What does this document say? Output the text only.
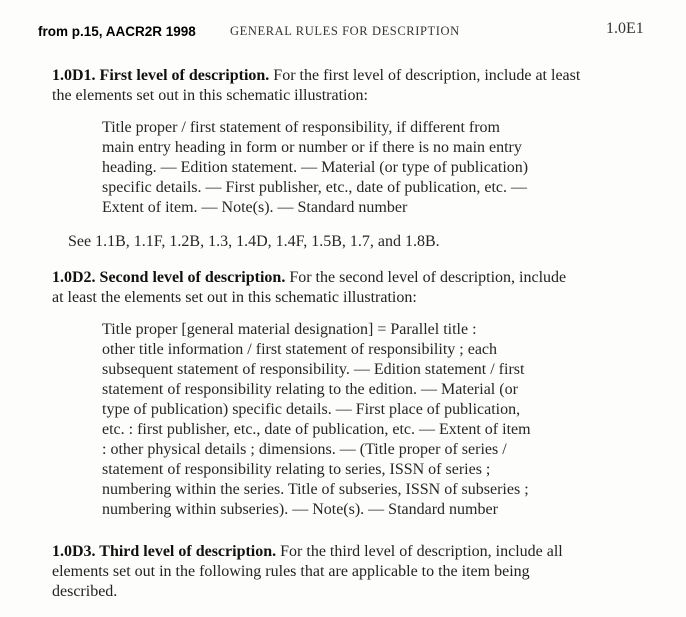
from p.15, AACR2R 1998	GENERAL RULES FOR DESCRIPTION	1.0E1
1.0D1. First level of description. For the first level of description, include at least
the elements set out in this schematic illustration:
Title proper / first statement of responsibility, if different from
main entry heading in form or number or if there is no main entry
heading. — Edition statement. — Material (or type of publication)
specific details. — First publisher, etc., date of publication, etc. —
Extent of item. — Note(s). — Standard number
See 1.1B, 1.1F, 1.2B, 1.3, 1.4D, 1.4F, 1.5B, 1.7, and 1.8B.
1.0D2. Second level of description. For the second level of description, include
at least the elements set out in this schematic illustration:
Title proper [general material designation] = Parallel title :
other title information / first statement of responsibility ; each
subsequent statement of responsibility. — Edition statement / first
statement of responsibility relating to the edition. — Material (or
type of publication) specific details. — First place of publication,
etc. : first publisher, etc., date of publication, etc. — Extent of item
: other physical details ; dimensions. — (Title proper of series /
statement of responsibility relating to series, ISSN of series ;
numbering within the series. Title of subseries, ISSN of subseries ;
numbering within subseries). — Note(s). — Standard number
1.0D3. Third level of description. For the third level of description, include all
elements set out in the following rules that are applicable to the item being
described.
